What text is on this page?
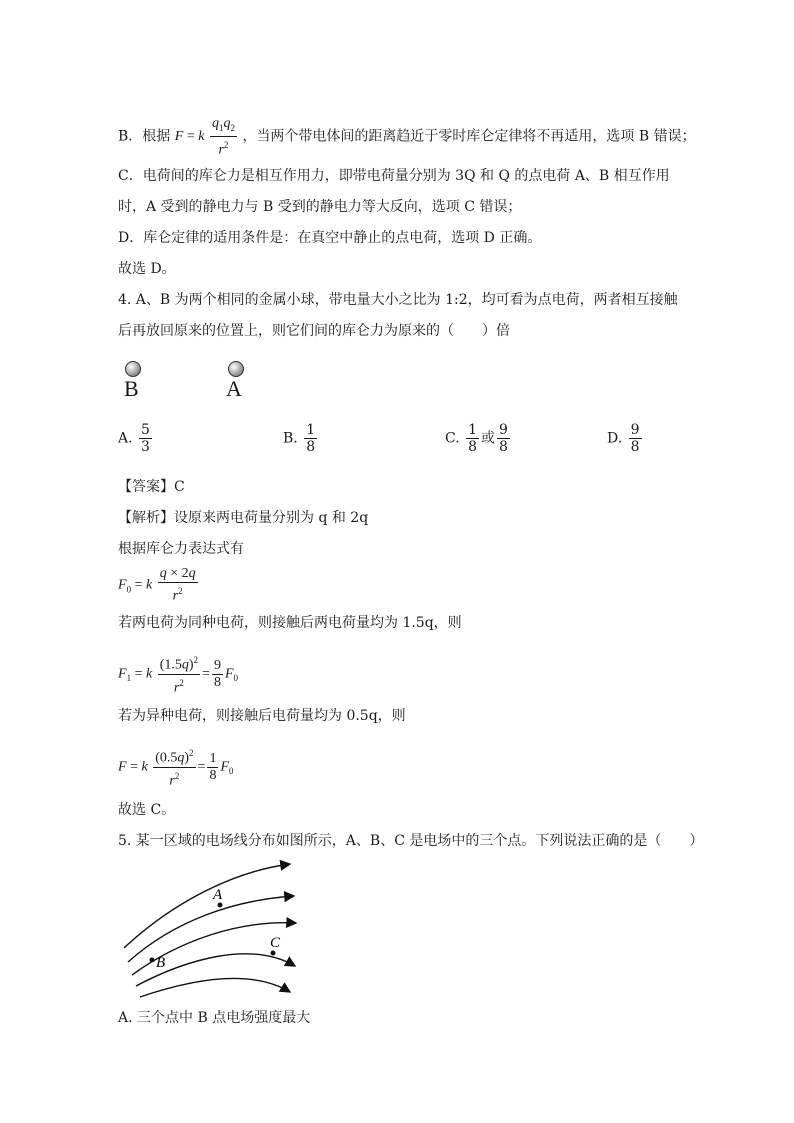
B．根据 F = k $\frac{q_1q_2}{r^2}$ ，当两个带电体间的距离趋近于零时库仑定律将不再适用，选项 B 错误；
C．电荷间的库仑力是相互作用力，即带电荷量分别为 3Q 和 Q 的点电荷 A、B 相互作用
时，A 受到的静电力与 B 受到的静电力等大反向，选项 C 错误；
D．库仑定律的适用条件是：在真空中静止的点电荷，选项 D 正确。
故选 D。
4. A、B 为两个相同的金属小球，带电量大小之比为 1:2，均可看为点电荷，两者相互接触
后再放回原来的位置上，则它们间的库仑力为原来的（　　）倍
B	A
A. $\frac{5}{3}$	B. $\frac{1}{8}$	C. $\frac{1}{8}$ 或 $\frac{9}{8}$	D. $\frac{9}{8}$
【答案】C
【解析】设原来两电荷量分别为 q 和 2q
根据库仑力表达式有
$F_0 = k \frac{q \times 2q}{r^2}$
若两电荷为同种电荷，则接触后两电荷量均为 1.5q，则
$F_1 = k \frac{(1.5q)^2}{r^2} = \frac{9}{8} F_0$
若为异种电荷，则接触后电荷量均为 0.5q，则
F = k $\frac{(0.5q)^2}{r^2} = \frac{1}{8} F_0$
故选 C。
5. 某一区域的电场线分布如图所示，A、B、C 是电场中的三个点。下列说法正确的是（　　）
A
B
C
A. 三个点中 B 点电场强度最大
